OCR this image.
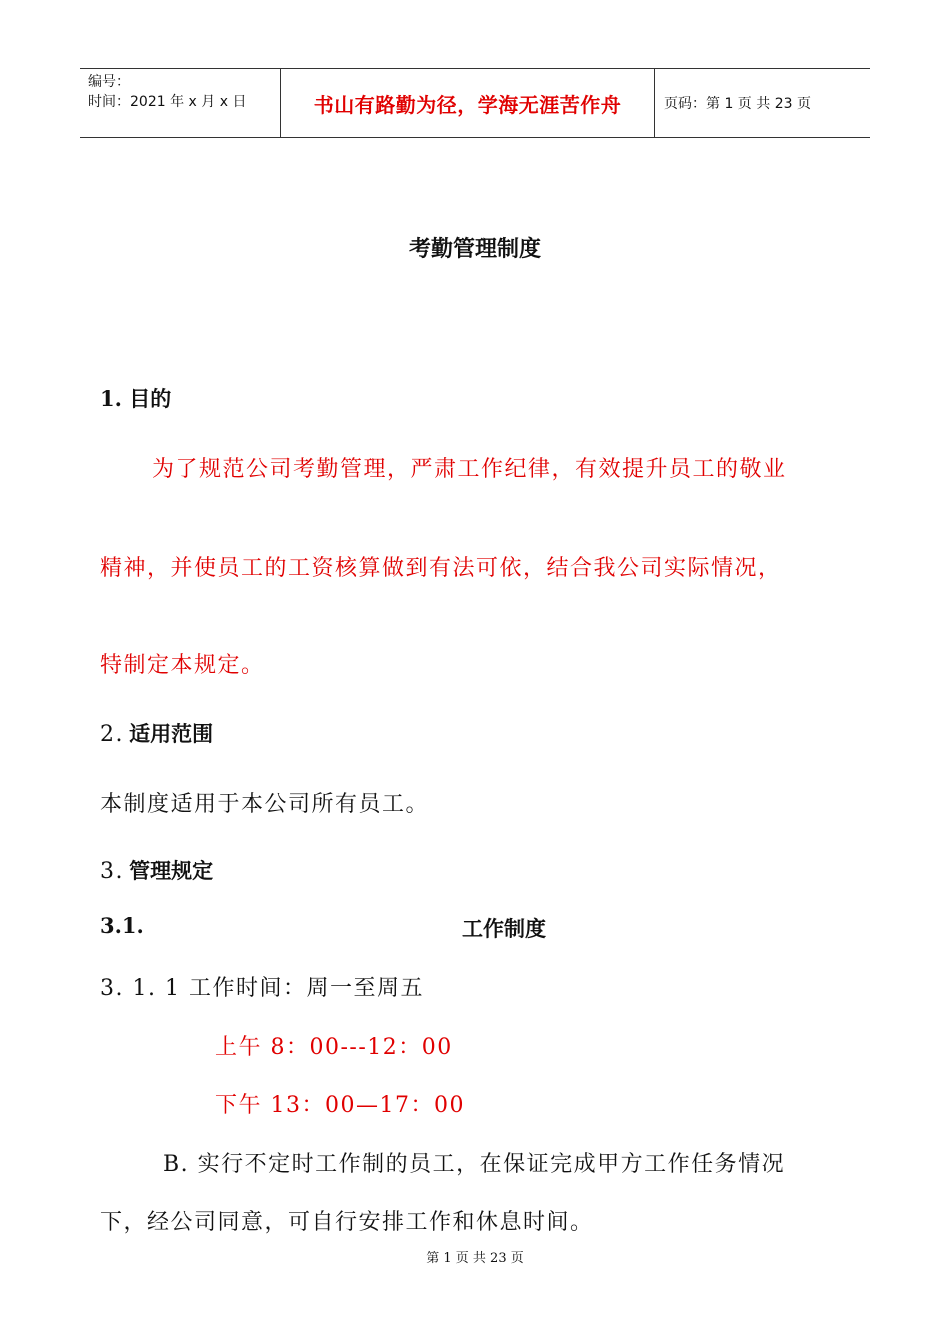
编号：
时间：2021 年 x 月 x 日	书山有路勤为径，学海无涯苦作舟	页码：第 1 页 共 23 页
考勤管理制度
1. 目的
为了规范公司考勤管理，严肃工作纪律，有效提升员工的敬业
精神，并使员工的工资核算做到有法可依，结合我公司实际情况，
特制定本规定。
2. 适用范围
本制度适用于本公司所有员工。
3. 管理规定
3.1.	工作制度
3. 1. 1 工作时间：周一至周五
上午 8：00---12：00
下午 13：00—17：00
B. 实行不定时工作制的员工，在保证完成甲方工作任务情况
下，经公司同意，可自行安排工作和休息时间。
第 1 页 共 23 页
